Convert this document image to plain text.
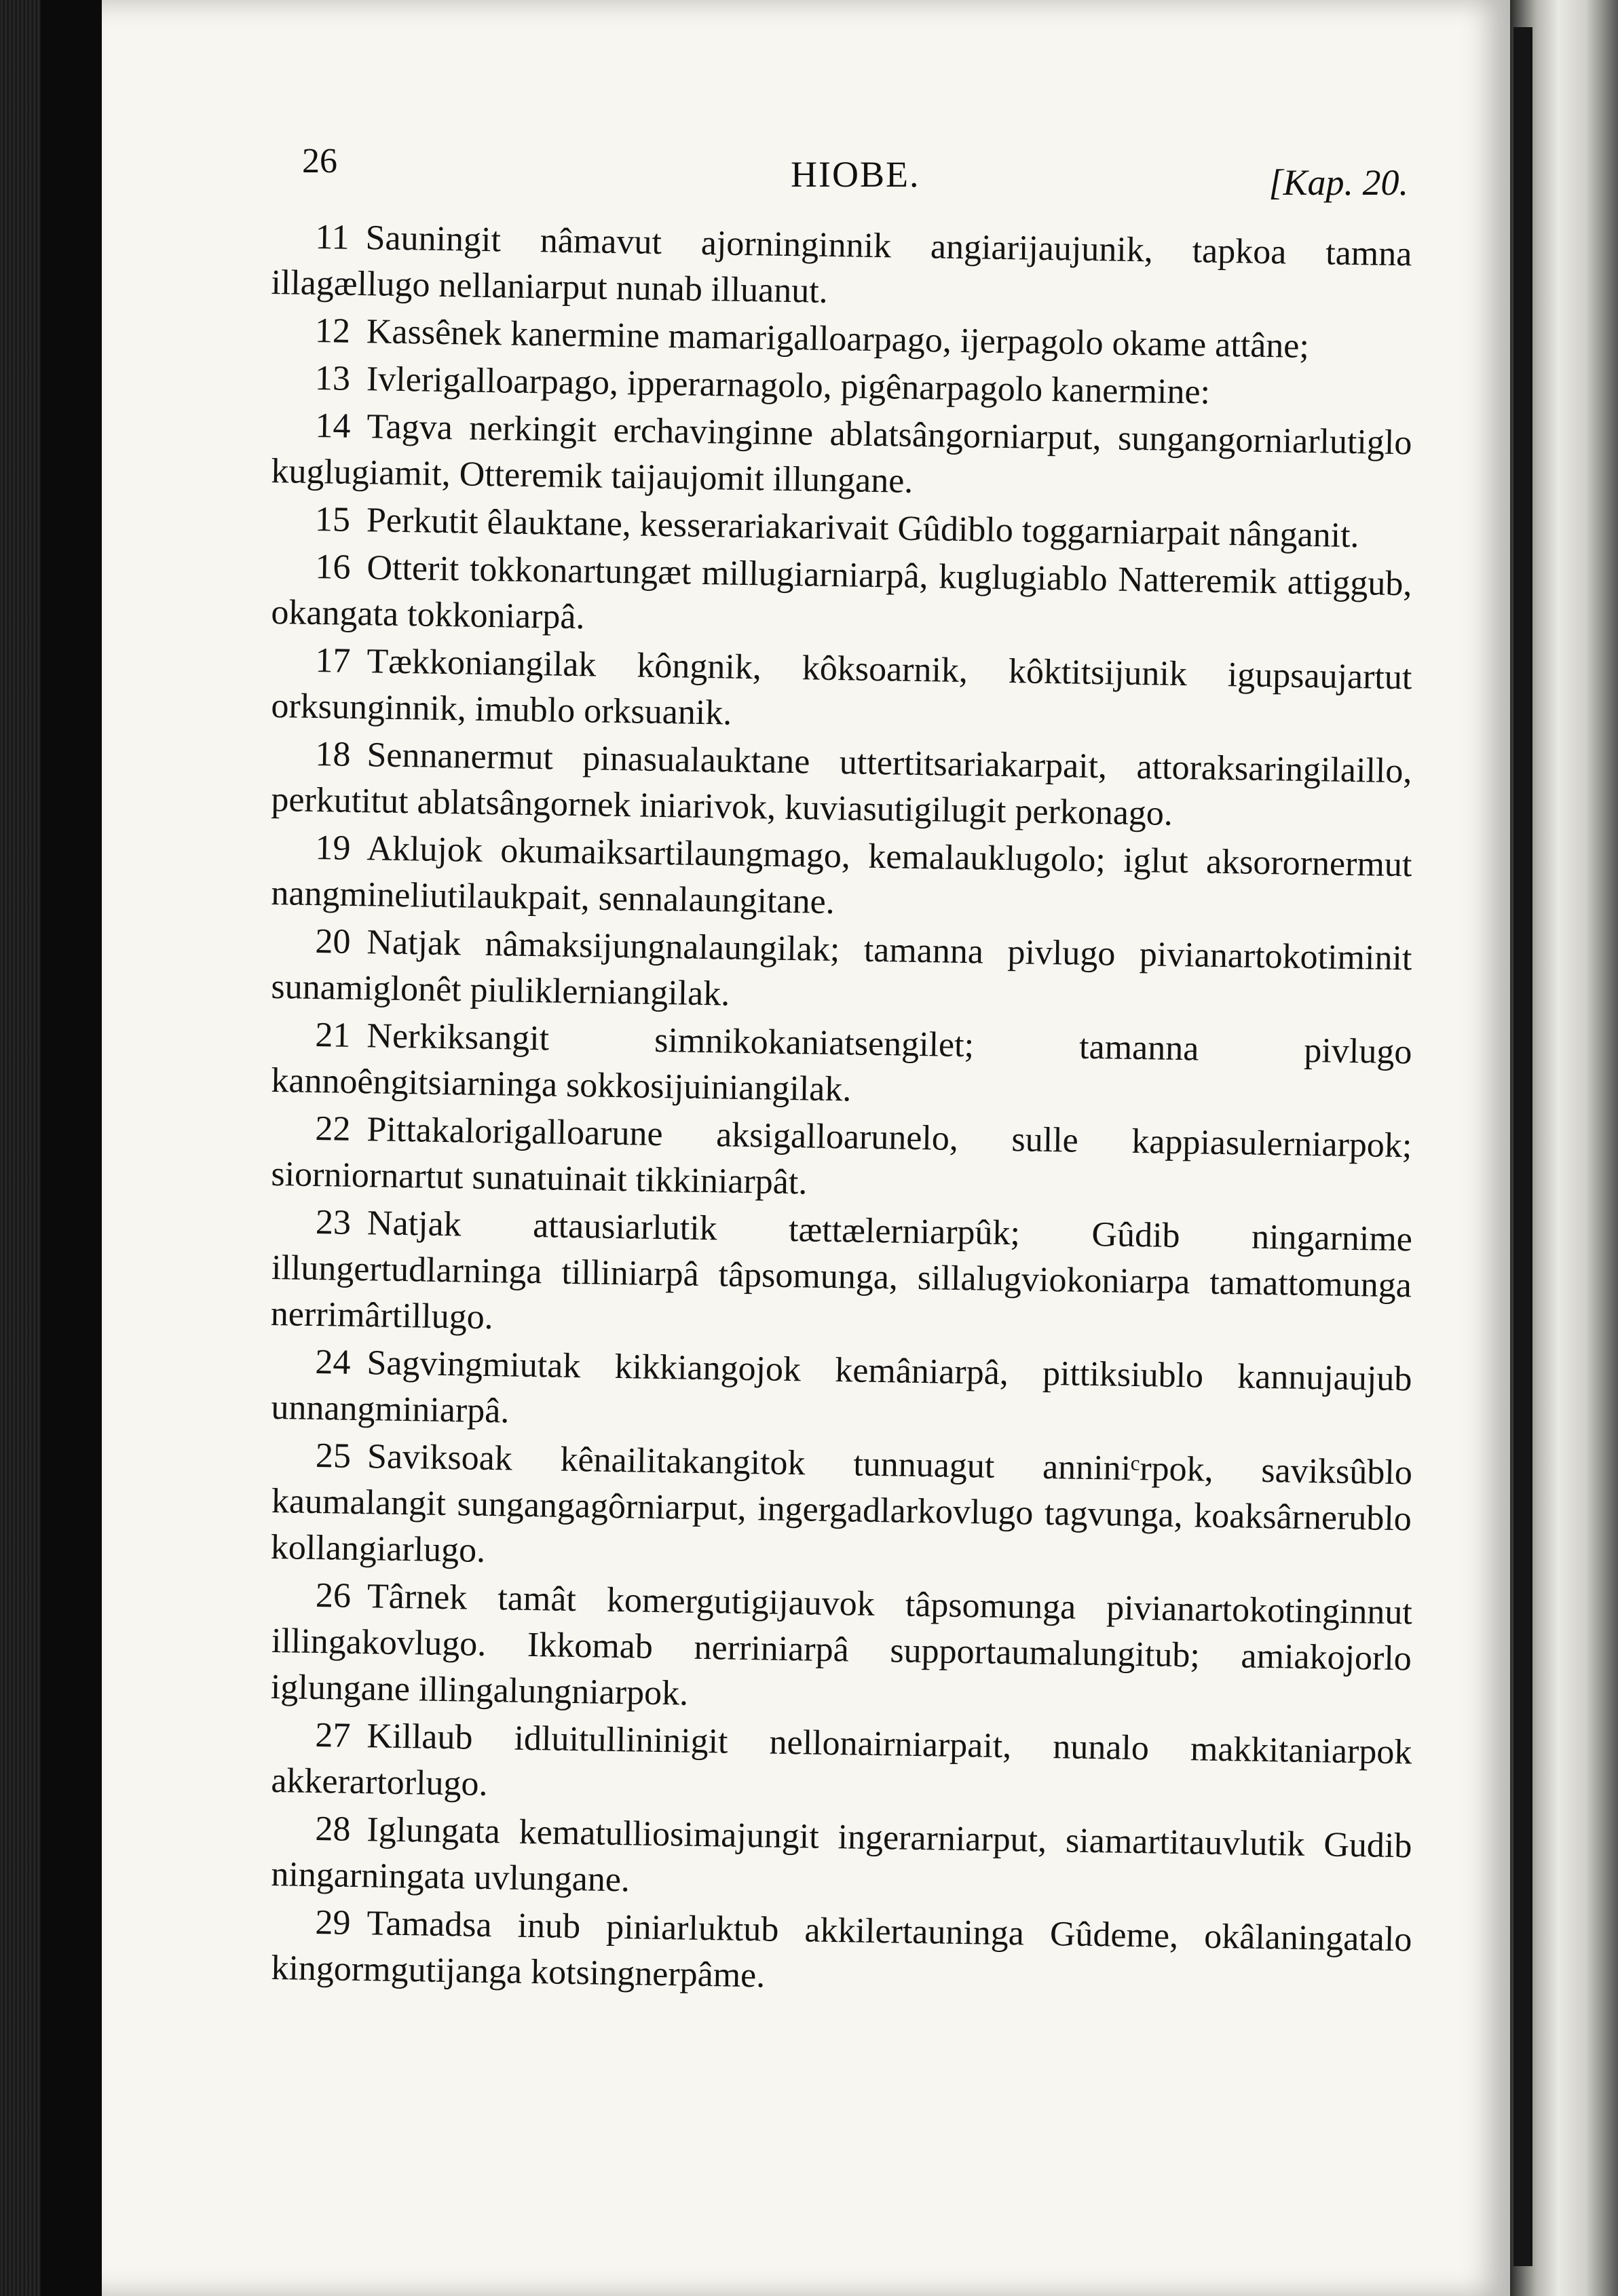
26	HIOBE.	[Kap. 20.

11 Sauningit nâmavut ajorninginnik angiarijaujunik, tapkoa tamna illagællugo nellaniarput nunab illuanut.

12 Kassênek kanermine mamarigalloarpago, ijerpagolo okame attâne;

13 Ivlerigalloarpago, ipperarnagolo, pigênarpagolo kanermine:

14 Tagva nerkingit erchavinginne ablatsângorniarput, sungangorniarlutiglo kuglugiamit, Otteremik taijaujomit illungane.

15 Perkutit êlauktane, kesserariakarivait Gûdiblo toggarniarpait nânganit.

16 Otterit tokkonartungæt millugiarniarpâ, kuglugiablo Natteremik attiggub, okangata tokkoniarpâ.

17 Tækkoniangilak kôngnik, kôksoarnik, kôktitsijunik igupsaujartut orksunginnik, imublo orksuanik.

18 Sennanermut pinasualauktane uttertitsariakarpait, attoraksaringilaillo, perkutitut ablatsângornek iniarivok, kuviasutigilugit perkonago.

19 Aklujok okumaiksartilaungmago, kemalauklugolo; iglut aksorornermut nangmineliutilaukpait, sennalaungitane.

20 Natjak nâmaksijungnalaungilak; tamanna pivlugo pivianartokotiminit sunamiglonêt piuliklerniangilak.

21 Nerkiksangit simnikokaniatsengilet; tamanna pivlugo kannoêngitsiarninga sokkosijuiniangilak.

22 Pittakalorigalloarune aksigalloarunelo, sulle kappiasulerniarpok; siorniornartut sunatuinait tikkiniarpât.

23 Natjak attausiarlutik tættælerniarpûk; Gûdib ningarnime illungertudlarninga tilliniarpâ tâpsomunga, sillalugviokoniarpa tamattomunga nerrimârtillugo.

24 Sagvingmiutak kikkiangojok kemâniarpâ, pittiksiublo kannujaujub unnangminiarpâ.

25 Saviksoak kênailitakangitok tunnuagut anniniᶜrpok, saviksûblo kaumalangit sungangagôrniarput, ingergadlarkovlugo tagvunga, koaksârnerublo kollangiarlugo.

26 Târnek tamât komergutigijauvok tâpsomunga pivianartokotinginnut illingakovlugo. Ikkomab nerriniarpâ supportaumalungitub; amiakojorlo iglungane illingalungniarpok.

27 Killaub idluitullininigit nellonairniarpait, nunalo makkitaniarpok akkerartorlugo.

28 Iglungata kematulliosimajungit ingerarniarput, siamartitauvlutik Gudib ningarningata uvlungane.

29 Tamadsa inub piniarluktub akkilertauninga Gûdeme, okâlaningatalo kingormgutijanga kotsingnerpâme.
